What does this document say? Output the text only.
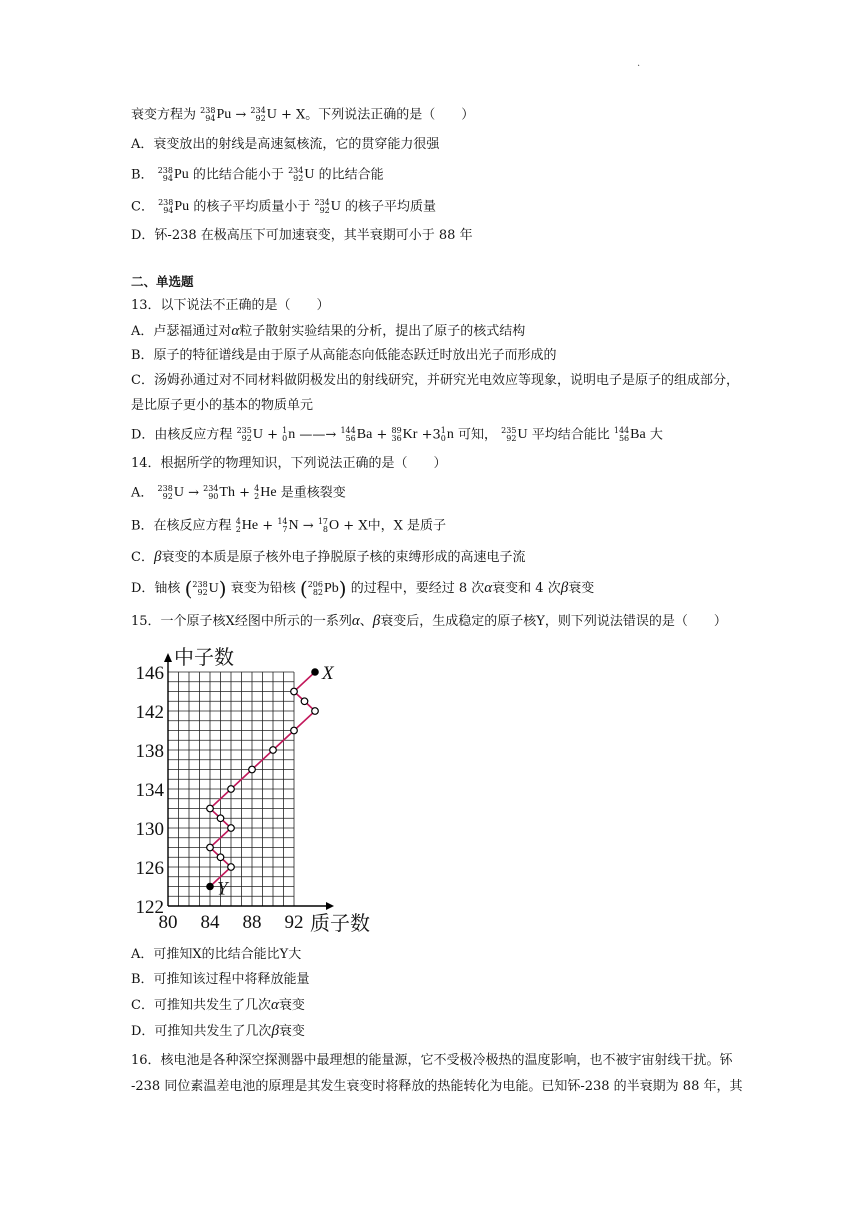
.
衰变方程为 238
94 Pu → 234
92 U + X。下列说法正确的是（　　）
A．衰变放出的射线是高速氦核流，它的贯穿能力很强
B． 238
94 Pu 的比结合能小于 234
92 U 的比结合能
C． 238
94 Pu 的核子平均质量小于 234
92 U 的核子平均质量
D．钚-238 在极高压下可加速衰变，其半衰期可小于 88 年
二、单选题
13．以下说法不正确的是（　　）
A．卢瑟福通过对α粒子散射实验结果的分析，提出了原子的核式结构
B．原子的特征谱线是由于原子从高能态向低能态跃迁时放出光子而形成的
C．汤姆孙通过对不同材料做阴极发出的射线研究，并研究光电效应等现象，说明电子是原子的组成部分，
是比原子更小的基本的物质单元
D．由核反应方程 235
92 U + 1
0 n ——→ 144
56 Ba + 89
36 Kr +3 1
0 n 可知， 235
92 U 平均结合能比 144
56 Ba 大
14．根据所学的物理知识，下列说法正确的是（　　）
A． 238
92 U → 234
90 Th + 4
2 He 是重核裂变
B．在核反应方程 4
2 He + 14
7 N → 17
8 O + X中，X 是质子
C．β衰变的本质是原子核外电子挣脱原子核的束缚形成的高速电子流
D．铀核 ( 238
92 U ) 衰变为铅核 ( 206
82 Pb ) 的过程中，要经过 8 次α衰变和 4 次β衰变
15．一个原子核X经图中所示的一系列α、β衰变后，生成稳定的原子核Y，则下列说法错误的是（　　）
122
126
130
134
138
142
146
80 84 88 92
中子数
质子数
X
Y
A．可推知X的比结合能比Y大
B．可推知该过程中将释放能量
C．可推知共发生了几次α衰变
D．可推知共发生了几次β衰变
16．核电池是各种深空探测器中最理想的能量源，它不受极冷极热的温度影响，也不被宇宙射线干扰。钚
-238 同位素温差电池的原理是其发生衰变时将释放的热能转化为电能。已知钚-238 的半衰期为 88 年，其
